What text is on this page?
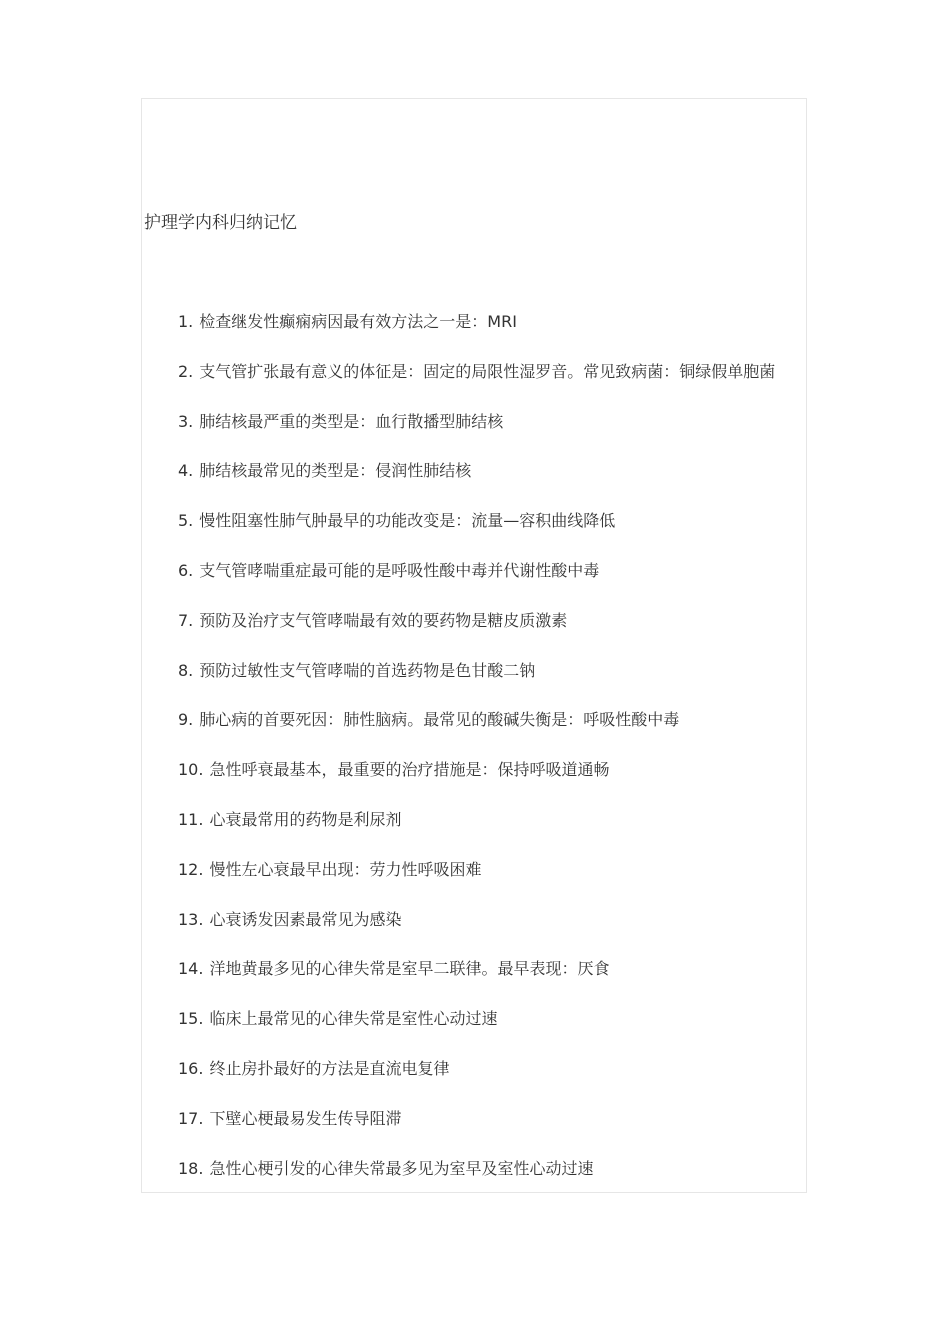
护理学内科归纳记忆
1. 检查继发性癫痫病因最有效方法之一是：MRI
2. 支气管扩张最有意义的体征是：固定的局限性湿罗音。常见致病菌：铜绿假单胞菌
3. 肺结核最严重的类型是：血行散播型肺结核
4. 肺结核最常见的类型是：侵润性肺结核
5. 慢性阻塞性肺气肿最早的功能改变是：流量—容积曲线降低
6. 支气管哮喘重症最可能的是呼吸性酸中毒并代谢性酸中毒
7. 预防及治疗支气管哮喘最有效的要药物是糖皮质激素
8. 预防过敏性支气管哮喘的首选药物是色甘酸二钠
9. 肺心病的首要死因：肺性脑病。最常见的酸碱失衡是：呼吸性酸中毒
10. 急性呼衰最基本，最重要的治疗措施是：保持呼吸道通畅
11. 心衰最常用的药物是利尿剂
12. 慢性左心衰最早出现：劳力性呼吸困难
13. 心衰诱发因素最常见为感染
14. 洋地黄最多见的心律失常是室早二联律。最早表现：厌食
15. 临床上最常见的心律失常是室性心动过速
16. 终止房扑最好的方法是直流电复律
17. 下壁心梗最易发生传导阻滞
18. 急性心梗引发的心律失常最多见为室早及室性心动过速
